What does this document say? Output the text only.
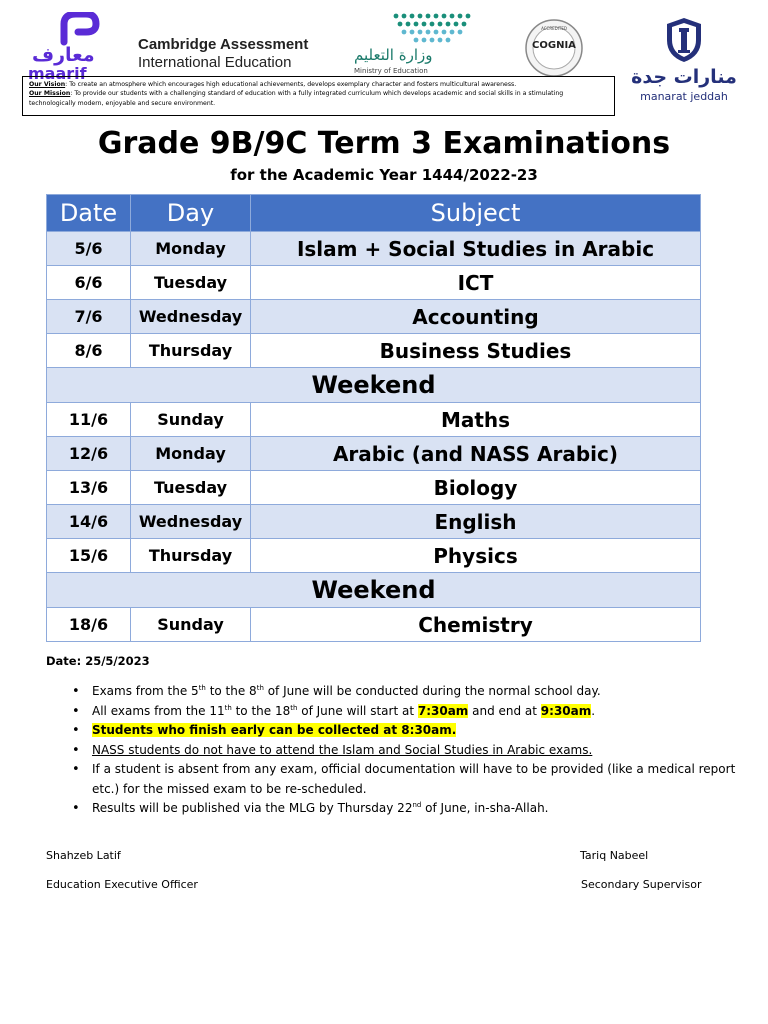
معارف
maarif
Cambridge Assessment
International Education	وزارة التعليم
Ministry of Education
ACCREDITED
COGNIA
منارات جدة
manarat jeddah
Our Vision: To create an atmosphere which encourages high educational achievements, develops exemplary character and fosters multicultural awareness.
Our Mission: To provide our students with a challenging standard of education with a fully integrated curriculum which develops academic and social skills in a stimulating technologically modern, enjoyable and secure environment.
Grade 9B/9C Term 3 Examinations
for the Academic Year 1444/2022-23
Date	Day	Subject
5/6	Monday	Islam + Social Studies in Arabic
6/6	Tuesday	ICT
7/6	Wednesday	Accounting
8/6	Thursday	Business Studies
Weekend		
11/6	Sunday	Maths
12/6	Monday	Arabic (and NASS Arabic)
13/6	Tuesday	Biology
14/6	Wednesday	English
15/6	Thursday	Physics
Weekend		
18/6	Sunday	Chemistry
Date: 25/5/2023
• Exams from the 5th to the 8th of June will be conducted during the normal school day.
• All exams from the 11th to the 18th of June will start at 7:30am and end at 9:30am.
• Students who finish early can be collected at 8:30am.
• NASS students do not have to attend the Islam and Social Studies in Arabic exams.
• If a student is absent from any exam, official documentation will have to be provided (like a medical report etc.) for the missed exam to be re-scheduled.
• Results will be published via the MLG by Thursday 22nd of June, in-sha-Allah.
Shahzeb Latif
Education Executive Officer
Tariq Nabeel
Secondary Supervisor
